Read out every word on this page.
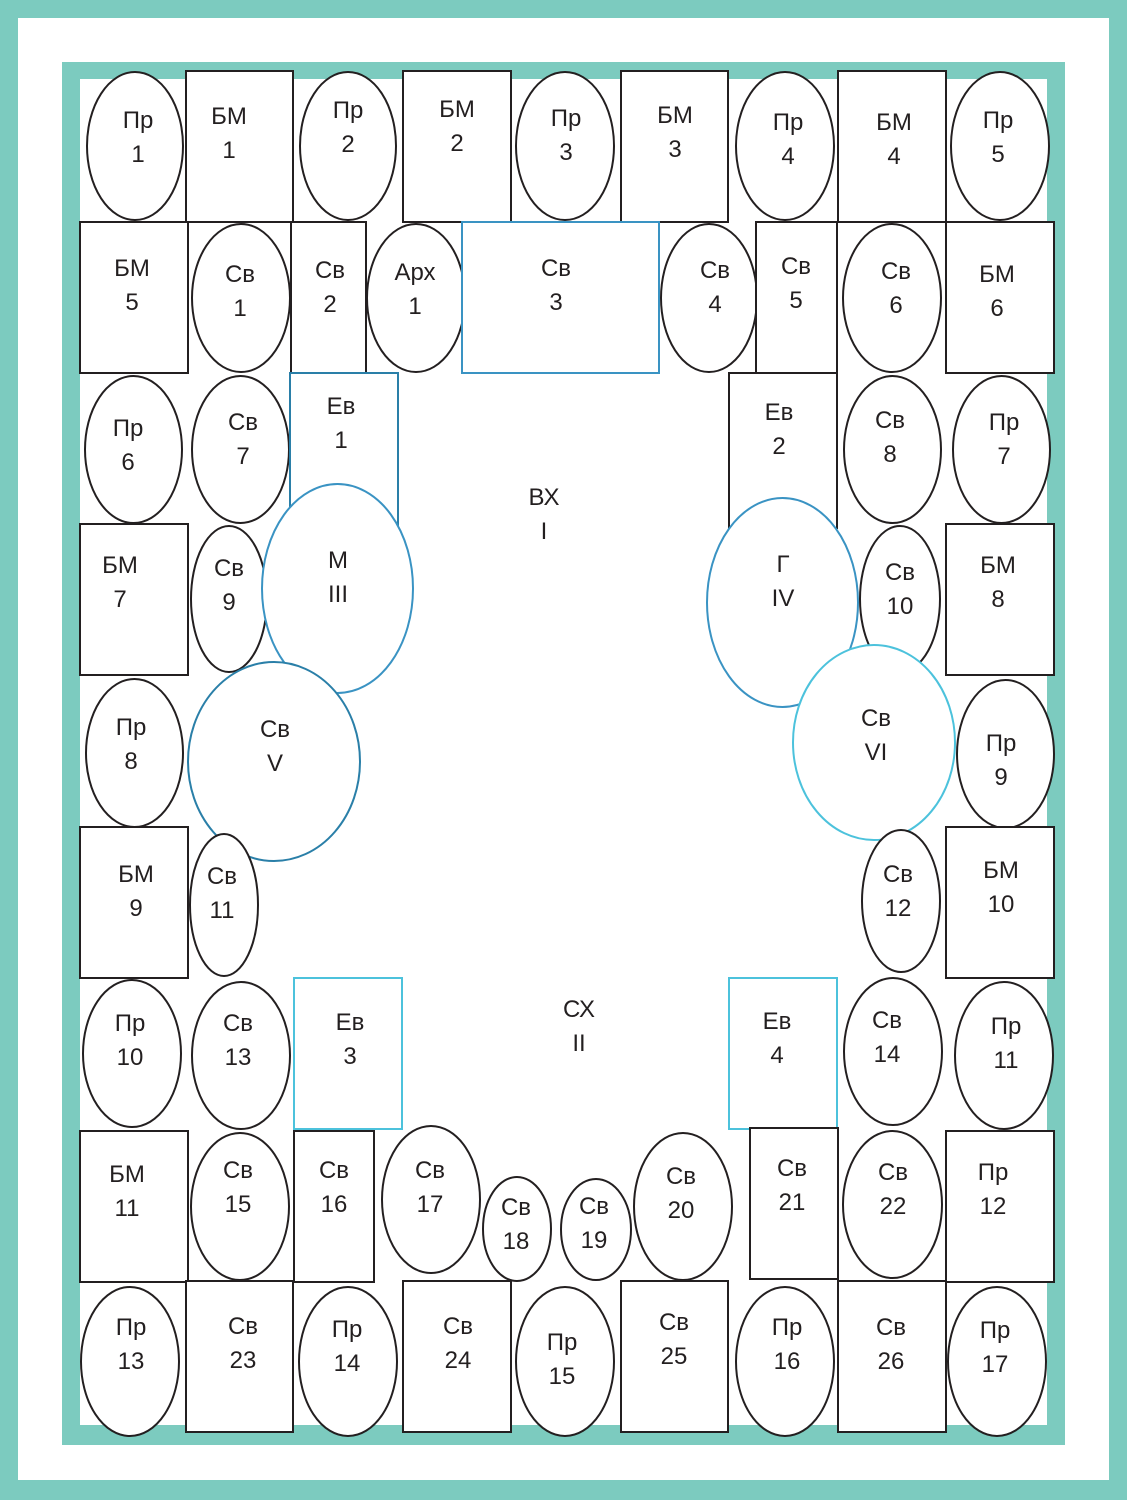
Пр
1
БМ
1
Пр
2
БМ
2
Пр
3
БМ
3
Пр
4
БМ
4
Пр
5
БМ
5
Св
1
Св
2
Арх
1
Св
3
Св
4
Св
5
Св
6
БМ
6
Пр
6
Св
7
Ев
1
Ев
2
Св
8
Пр
7
БМ
7
Св
9
М
III
Г
IV
Св
10
БМ
8
Пр
8
Св
V
Св
VI	Пр
9
БМ
9
Св
11
Св
12
БМ
10
Пр
10
Св
13
Ев
3
Ев
4
Св
14
Пр
11
БМ
11
Св
15
Св
16
Св
17 Св
18
Св
19
Св
20
Св
21
Св
22
Пр
12
Пр
13
Св
23
Пр
14
Св
24
Пр
15
Св
25
Пр
16
Св
26
Пр
17
ВХ
I
СХ
II
